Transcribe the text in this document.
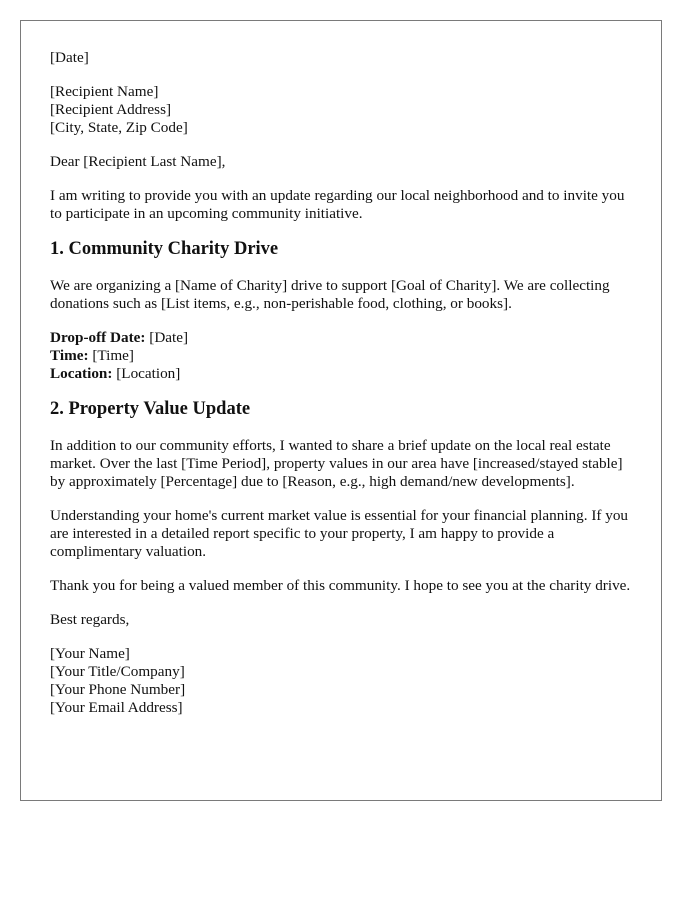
[Date]
[Recipient Name]
[Recipient Address]
[City, State, Zip Code]
Dear [Recipient Last Name],
I am writing to provide you with an update regarding our local neighborhood and to invite you to participate in an upcoming community initiative.
1. Community Charity Drive
We are organizing a [Name of Charity] drive to support [Goal of Charity]. We are collecting donations such as [List items, e.g., non-perishable food, clothing, or books].
Drop-off Date: [Date]
Time: [Time]
Location: [Location]
2. Property Value Update
In addition to our community efforts, I wanted to share a brief update on the local real estate market. Over the last [Time Period], property values in our area have [increased/stayed stable] by approximately [Percentage] due to [Reason, e.g., high demand/new developments].
Understanding your home's current market value is essential for your financial planning. If you are interested in a detailed report specific to your property, I am happy to provide a complimentary valuation.
Thank you for being a valued member of this community. I hope to see you at the charity drive.
Best regards,
[Your Name]
[Your Title/Company]
[Your Phone Number]
[Your Email Address]
